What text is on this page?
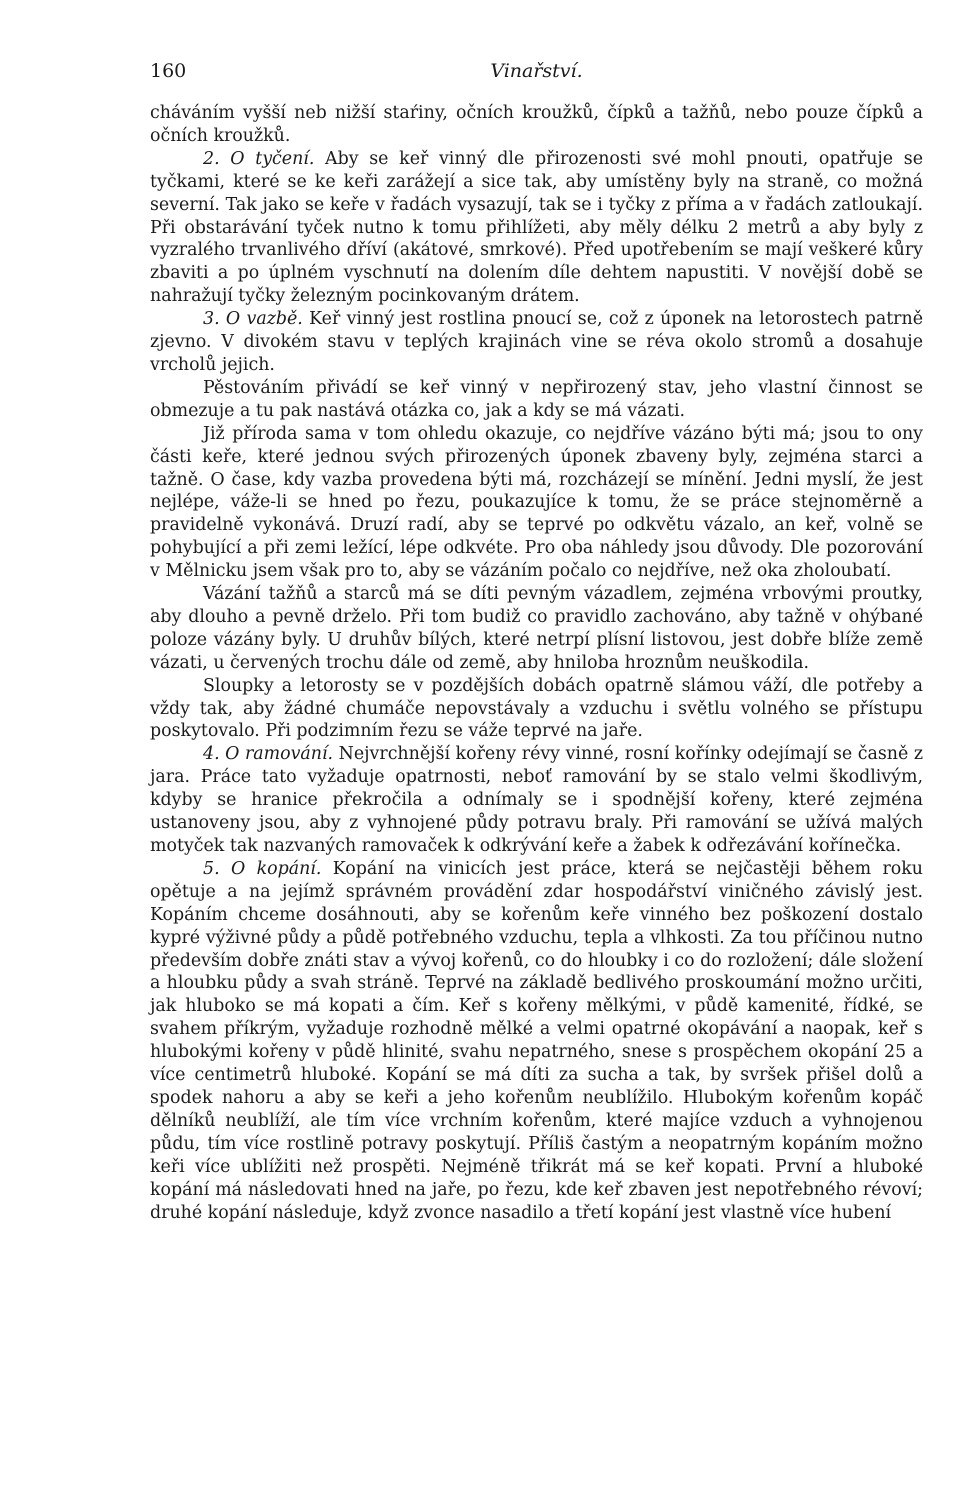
160	Vinařství.

cháváním vyšší neb nižší staŕiny, očních kroužků, čípků a tažňů, nebo pouze čípků a očních kroužků.

2. O tyčení. Aby se keř vinný dle přirozenosti své mohl pnouti, opatřuje se tyčkami, které se ke keři zarážejí a sice tak, aby umístěny byly na straně, co možná severní. Tak jako se keře v řadách vysazují, tak se i tyčky z příma a v řadách zatloukají. Při obstarávání tyček nutno k tomu přihlížeti, aby měly délku 2 metrů a aby byly z vyzralého trvanlivého dříví (akátové, smrkové). Před upotřebením se mají veškeré kůry zbaviti a po úplném vyschnutí na dolením díle dehtem napustiti. V novější době se nahražují tyčky železným pocinkovaným drátem.

3. O vazbě. Keř vinný jest rostlina pnoucí se, což z úponek na letorostech patrně zjevno. V divokém stavu v teplých krajinách vine se réva okolo stromů a dosahuje vrcholů jejich.

Pěstováním přivádí se keř vinný v nepřirozený stav, jeho vlastní činnost se obmezuje a tu pak nastává otázka co, jak a kdy se má vázati.

Již příroda sama v tom ohledu okazuje, co nejdříve vázáno býti má; jsou to ony části keře, které jednou svých přirozených úponek zbaveny byly, zejména starci a tažně. O čase, kdy vazba provedena býti má, rozcházejí se mínění. Jedni myslí, že jest nejlépe, váže-li se hned po řezu, poukazujíce k tomu, že se práce stejnoměrně a pravidelně vykonává. Druzí radí, aby se teprvé po odkvětu vázalo, an keř, volně se pohybující a při zemi ležící, lépe odkvéte. Pro oba náhledy jsou důvody. Dle pozorování v Mělnicku jsem však pro to, aby se vázáním počalo co nejdříve, než oka zholoubatí.

Vázání tažňů a starců má se díti pevným vázadlem, zejména vrbovými proutky, aby dlouho a pevně drželo. Při tom budiž co pravidlo zachováno, aby tažně v ohýbané poloze vázány byly. U druhův bílých, které netrpí plísní listovou, jest dobře blíže země vázati, u červených trochu dále od země, aby hniloba hroznům neuškodila.

Sloupky a letorosty se v pozdějších dobách opatrně slámou váží, dle potřeby a vždy tak, aby žádné chumáče nepovstávaly a vzduchu i světlu volného se přístupu poskytovalo. Při podzimním řezu se váže teprvé na jaře.

4. O ramování. Nejvrchnější kořeny révy vinné, rosní kořínky odejímají se časně z jara. Práce tato vyžaduje opatrnosti, neboť ramování by se stalo velmi škodlivým, kdyby se hranice překročila a odnímaly se i spodnější kořeny, které zejména ustanoveny jsou, aby z vyhnojené půdy potravu braly. Při ramování se užívá malých motyček tak nazvaných ramovaček k odkrývání keře a žabek k odřezávání kořínečka.

5. O kopání. Kopání na vinicích jest práce, která se nejčastěji během roku opětuje a na jejímž správném provádění zdar hospodářství viničného závislý jest. Kopáním chceme dosáhnouti, aby se kořenům keře vinného bez poškození dostalo kypré výživné půdy a půdě potřebného vzduchu, tepla a vlhkosti. Za tou příčinou nutno především dobře znáti stav a vývoj kořenů, co do hloubky i co do rozložení; dále složení a hloubku půdy a svah stráně. Teprvé na základě bedlivého proskoumání možno určiti, jak hluboko se má kopati a čím. Keř s kořeny mělkými, v půdě kamenité, řídké, se svahem příkrým, vyžaduje rozhodně mělké a velmi opatrné okopávání a naopak, keř s hlubokými kořeny v půdě hlinité, svahu nepatrného, snese s prospěchem okopání 25 a více centimetrů hluboké. Kopání se má díti za sucha a tak, by svršek přišel dolů a spodek nahoru a aby se keři a jeho kořenům neublížilo. Hlubokým kořenům kopáč dělníků neublíží, ale tím více vrchním kořenům, které majíce vzduch a vyhnojenou půdu, tím více rostlině potravy poskytují. Příliš častým a neopatrným kopáním možno keři více ublížiti než prospěti. Nejméně třikrát má se keř kopati. První a hluboké kopání má následovati hned na jaře, po řezu, kde keř zbaven jest nepotřebného révoví; druhé kopání následuje, když zvonce nasadilo a třetí kopání jest vlastně více hubení
